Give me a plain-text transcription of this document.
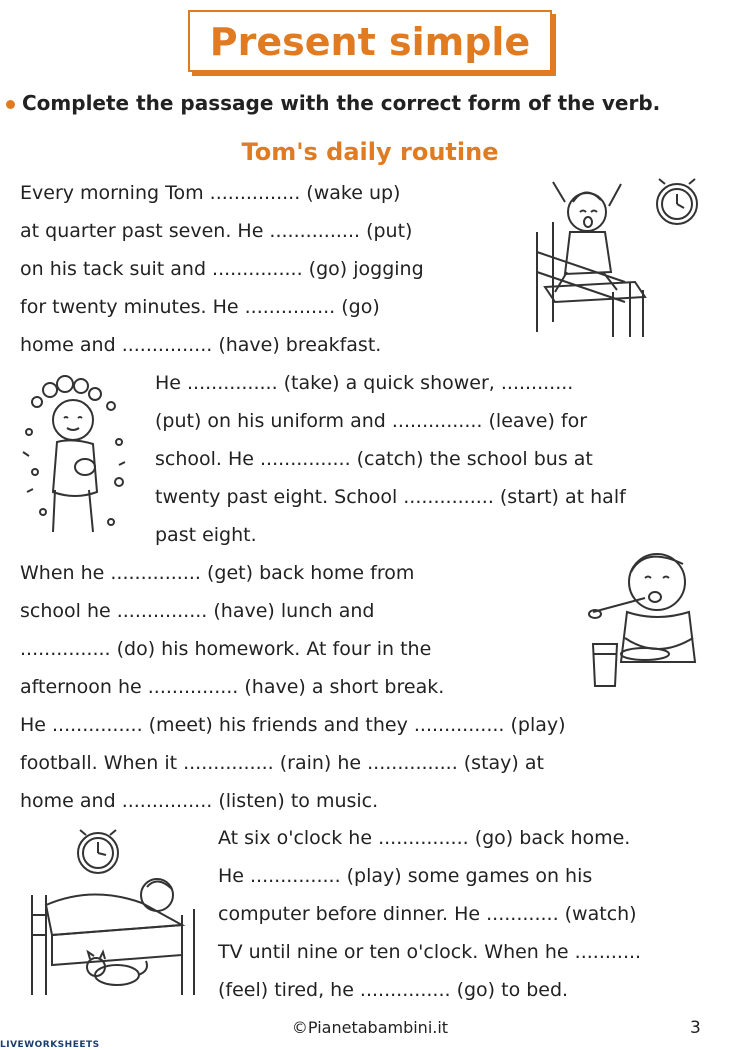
Present simple
Complete the passage with the correct form of the verb.
Tom's daily routine
Every morning Tom ............... (wake up)
at quarter past seven. He ............... (put)
on his tack suit and ............... (go) jogging
for twenty minutes. He ............... (go)
home and ............... (have) breakfast.
He ............... (take) a quick shower, ............
(put) on his uniform and ............... (leave) for
school. He ............... (catch) the school bus at
twenty past eight. School ............... (start) at half
past eight.
When he ............... (get) back home from
school he ............... (have) lunch and
............... (do) his homework. At four in the
afternoon he ............... (have) a short break.
He ............... (meet) his friends and they ............... (play)
football. When it ............... (rain) he ............... (stay) at
home and ............... (listen) to music.
At six o'clock he ............... (go) back home.
He ............... (play) some games on his
computer before dinner. He ............ (watch)
TV until nine or ten o'clock. When he ...........
(feel) tired, he ............... (go) to bed.
©Pianetabambini.it	3
LIVEWORKSHEETS
